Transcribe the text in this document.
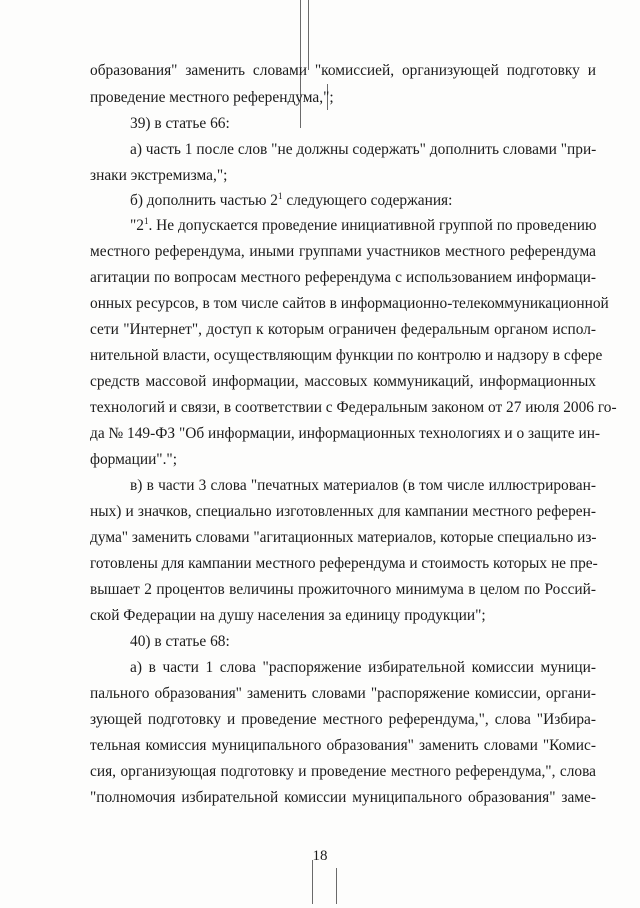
образования" заменить словами "комиссией, организующей подготовку и
проведение местного референдума,";
39) в статье 66:
а) часть 1 после слов "не должны содержать" дополнить словами "при-
знаки экстремизма,";
б) дополнить частью $2^1$ следующего содержания:
"$2^1$. Не допускается проведение инициативной группой по проведению
местного референдума, иными группами участников местного референдума
агитации по вопросам местного референдума с использованием информаци-
онных ресурсов, в том числе сайтов в информационно-телекоммуникационной
сети "Интернет", доступ к которым ограничен федеральным органом испол-
нительной власти, осуществляющим функции по контролю и надзору в сфере
средств массовой информации, массовых коммуникаций, информационных
технологий и связи, в соответствии с Федеральным законом от 27 июля 2006 го-
да № 149-ФЗ "Об информации, информационных технологиях и о защите ин-
формации".";
в) в части 3 слова "печатных материалов (в том числе иллюстрирован-
ных) и значков, специально изготовленных для кампании местного референ-
дума" заменить словами "агитационных материалов, которые специально из-
готовлены для кампании местного референдума и стоимость которых не пре-
вышает 2 процентов величины прожиточного минимума в целом по Россий-
ской Федерации на душу населения за единицу продукции";
40) в статье 68:
а) в части 1 слова "распоряжение избирательной комиссии муници-
пального образования" заменить словами "распоряжение комиссии, органи-
зующей подготовку и проведение местного референдума,", слова "Избира-
тельная комиссия муниципального образования" заменить словами "Комис-
сия, организующая подготовку и проведение местного референдума,", слова
"полномочия избирательной комиссии муниципального образования" заме-
18
